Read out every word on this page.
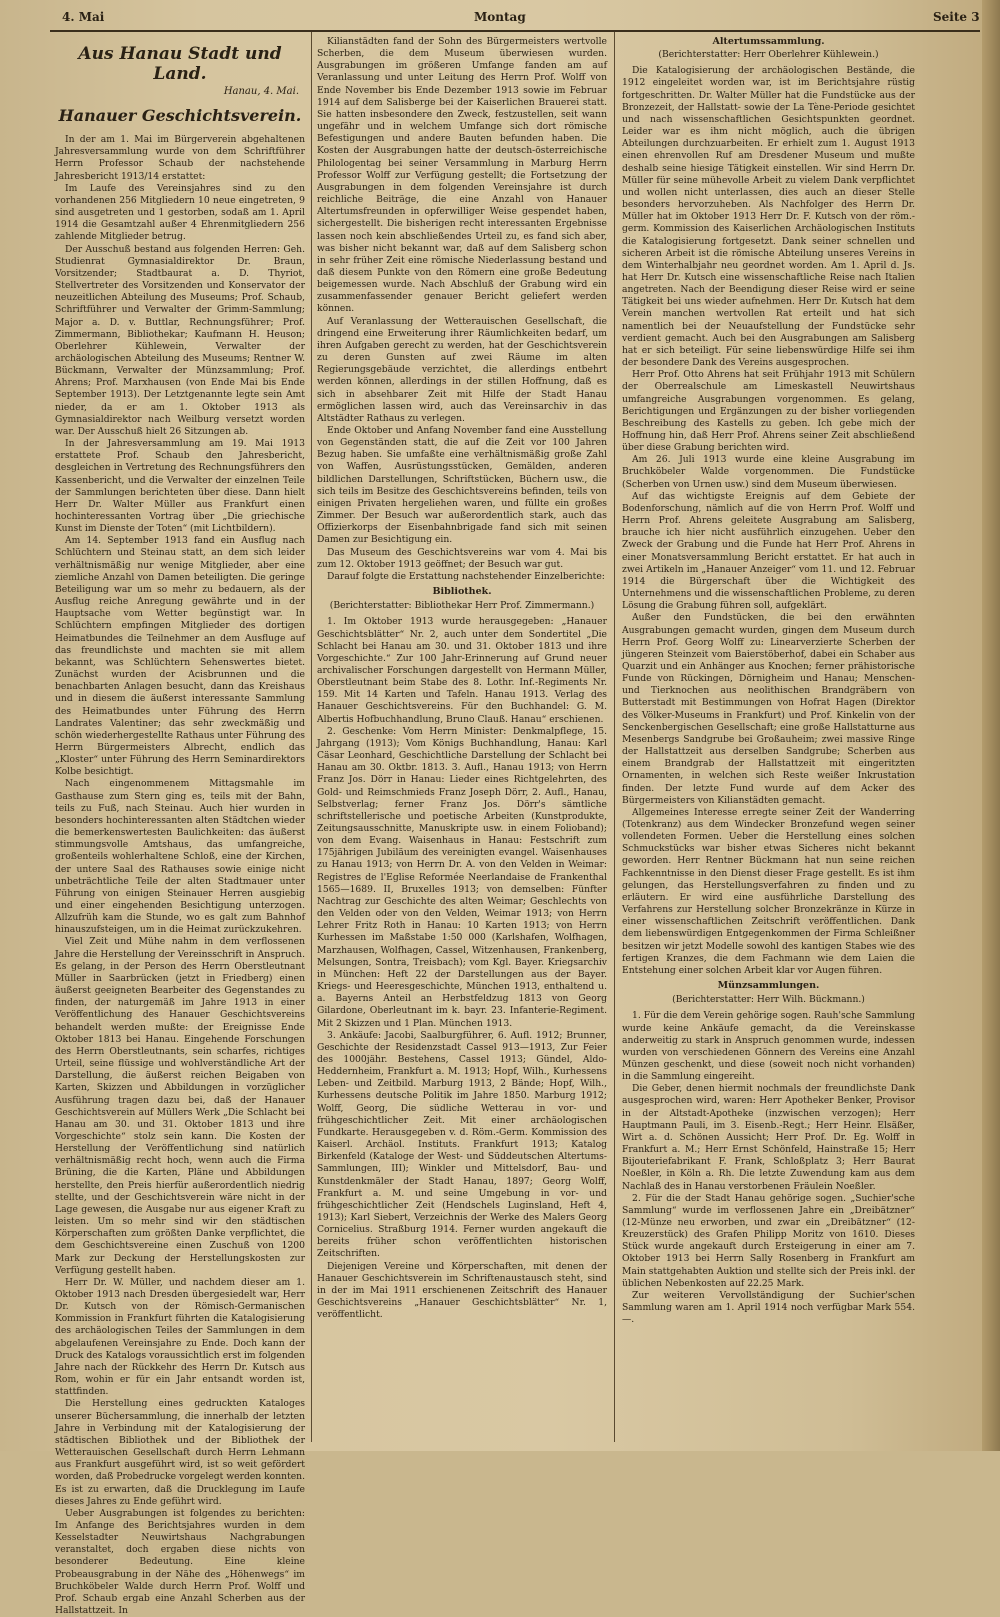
4. Mai	Montag	Seite 3
Aus Hanau Stadt und Land.
Hanau, 4. Mai.
Hanauer Geschichtsverein.

In der am 1. Mai im Bürgerverein abgehaltenen Jahresversammlung wurde von dem Schriftführer Herrn Professor Schaub der nachstehende Jahresbericht 1913/14 erstattet:

Im Laufe des Vereinsjahres sind zu den vorhandenen 256 Mitgliedern 10 neue eingetreten, 9 sind ausgetreten und 1 gestorben, sodaß am 1. April 1914 die Gesamtzahl außer 4 Ehrenmitgliedern 256 zahlende Mitglieder betrug.

Der Ausschuß bestand aus folgenden Herren: Geh. Studienrat Gymnasialdirektor Dr. Braun, Vorsitzender; Stadtbaurat a. D. Thyriot, Stellvertreter des Vorsitzenden und Konservator der neuzeitlichen Abteilung des Museums; Prof. Schaub, Schriftführer und Verwalter der Grimm-Sammlung; Major a. D. v. Buttlar, Rechnungsführer; Prof. Zimmermann, Bibliothekar; Kaufmann H. Heuson; Oberlehrer Kühlewein, Verwalter der archäologischen Abteilung des Museums; Rentner W. Bückmann, Verwalter der Münzsammlung; Prof. Ahrens; Prof. Marxhausen (von Ende Mai bis Ende September 1913). Der Letztgenannte legte sein Amt nieder, da er am 1. Oktober 1913 als Gymnasialdirektor nach Weilburg versetzt worden war. Der Ausschuß hielt 26 Sitzungen ab.

In der Jahresversammlung am 19. Mai 1913 erstattete Prof. Schaub den Jahresbericht, desgleichen in Vertretung des Rechnungsführers den Kassenbericht, und die Verwalter der einzelnen Teile der Sammlungen berichteten über diese. Dann hielt Herr Dr. Walter Müller aus Frankfurt einen hochinteressanten Vortrag über „Die griechische Kunst im Dienste der Toten“ (mit Lichtbildern).

Am 14. September 1913 fand ein Ausflug nach Schlüchtern und Steinau statt, an dem sich leider verhältnismäßig nur wenige Mitglieder, aber eine ziemliche Anzahl von Damen beteiligten. Die geringe Beteiligung war um so mehr zu bedauern, als der Ausflug reiche Anregung gewährte und in der Hauptsache vom Wetter begünstigt war. In Schlüchtern empfingen Mitglieder des dortigen Heimatbundes die Teilnehmer an dem Ausfluge auf das freundlichste und machten sie mit allem bekannt, was Schlüchtern Sehenswertes bietet. Zunächst wurden der Acisbrunnen und die benachbarten Anlagen besucht, dann das Kreishaus und in diesem die äußerst interessante Sammlung des Heimatbundes unter Führung des Herrn Landrates Valentiner; das sehr zweckmäßig und schön wiederhergestellte Rathaus unter Führung des Herrn Bürgermeisters Albrecht, endlich das „Kloster“ unter Führung des Herrn Seminardirektors Kolbe besichtigt.

Nach eingenommenem Mittagsmahle im Gasthause zum Stern ging es, teils mit der Bahn, teils zu Fuß, nach Steinau. Auch hier wurden in besonders hochinteressanten alten Städtchen wieder die bemerkenswertesten Baulichkeiten: das äußerst stimmungsvolle Amtshaus, das umfangreiche, großenteils wohlerhaltene Schloß, eine der Kirchen, der untere Saal des Rathauses sowie einige nicht unbeträchtliche Teile der alten Stadtmauer unter Führung von einigen Steinauer Herren ausgiebig und einer eingehenden Besichtigung unterzogen. Allzufrüh kam die Stunde, wo es galt zum Bahnhof hinauszufsteigen, um in die Heimat zurückzukehren.

Viel Zeit und Mühe nahm in dem verflossenen Jahre die Herstellung der Vereinsschrift in Anspruch. Es gelang, in der Person des Herrn Oberstleutnant Müller in Saarbrücken (jetzt in Friedberg) einen äußerst geeigneten Bearbeiter des Gegenstandes zu finden, der naturgemäß im Jahre 1913 in einer Veröffentlichung des Hanauer Geschichtsvereins behandelt werden mußte: der Ereignisse Ende Oktober 1813 bei Hanau. Eingehende Forschungen des Herrn Oberstleutnants, sein scharfes, richtiges Urteil, seine flüssige und wohlverständliche Art der Darstellung, die äußerst reichen Beigaben von Karten, Skizzen und Abbildungen in vorzüglicher Ausführung tragen dazu bei, daß der Hanauer Geschichtsverein auf Müllers Werk „Die Schlacht bei Hanau am 30. und 31. Oktober 1813 und ihre Vorgeschichte“ stolz sein kann. Die Kosten der Herstellung der Veröffentlichung sind natürlich verhältnismäßig recht hoch, wenn auch die Firma Brüning, die die Karten, Pläne und Abbildungen herstellte, den Preis hierfür außerordentlich niedrig stellte, und der Geschichtsverein wäre nicht in der Lage gewesen, die Ausgabe nur aus eigener Kraft zu leisten. Um so mehr sind wir den städtischen Körperschaften zum größten Danke verpflichtet, die dem Geschichtsvereine einen Zuschuß von 1200 Mark zur Deckung der Herstellungskosten zur Verfügung gestellt haben.

Herr Dr. W. Müller, und nachdem dieser am 1. Oktober 1913 nach Dresden übergesiedelt war, Herr Dr. Kutsch von der Römisch-Germanischen Kommission in Frankfurt führten die Katalogisierung des archäologischen Teiles der Sammlungen in dem abgelaufenen Vereinsjahre zu Ende. Doch kann der Druck des Katalogs voraussichtlich erst im folgenden Jahre nach der Rückkehr des Herrn Dr. Kutsch aus Rom, wohin er für ein Jahr entsandt worden ist, stattfinden.

Die Herstellung eines gedruckten Kataloges unserer Büchersammlung, die innerhalb der letzten Jahre in Verbindung mit der Katalogisierung der städtischen Bibliothek und der Bibliothek der Wetterauischen Gesellschaft durch Herrn Lehmann aus Frankfurt ausgeführt wird, ist so weit gefördert worden, daß Probedrucke vorgelegt werden konnten. Es ist zu erwarten, daß die Drucklegung im Laufe dieses Jahres zu Ende geführt wird.

Ueber Ausgrabungen ist folgendes zu berichten: Im Anfange des Berichtsjahres wurden in dem Kesselstadter Neuwirtshaus Nachgrabungen veranstaltet, doch ergaben diese nichts von besonderer Bedeutung. Eine kleine Probeausgrabung in der Nähe des „Höhenwegs“ im Bruchköbeler Walde durch Herrn Prof. Wolff und Prof. Schaub ergab eine Anzahl Scherben aus der Hallstattzeit. In

Kilianstädten fand der Sohn des Bürgermeisters wertvolle Scherben, die dem Museum überwiesen wurden. Ausgrabungen im größeren Umfange fanden am auf Veranlassung und unter Leitung des Herrn Prof. Wolff von Ende November bis Ende Dezember 1913 sowie im Februar 1914 auf dem Salisberge bei der Kaiserlichen Brauerei statt. Sie hatten insbesondere den Zweck, festzustellen, seit wann ungefähr und in welchem Umfange sich dort römische Befestigungen und andere Bauten befunden haben. Die Kosten der Ausgrabungen hatte der deutsch-österreichische Philologentag bei seiner Versammlung in Marburg Herrn Professor Wolff zur Verfügung gestellt; die Fortsetzung der Ausgrabungen in dem folgenden Vereinsjahre ist durch reichliche Beiträge, die eine Anzahl von Hanauer Altertumsfreunden in opferwilliger Weise gespendet haben, sichergestellt. Die bisherigen recht interessanten Ergebnisse lassen noch kein abschließendes Urteil zu, es fand sich aber, was bisher nicht bekannt war, daß auf dem Salisberg schon in sehr früher Zeit eine römische Niederlassung bestand und daß diesem Punkte von den Römern eine große Bedeutung beigemessen wurde. Nach Abschluß der Grabung wird ein zusammenfassender genauer Bericht geliefert werden können.

Auf Veranlassung der Wetterauischen Gesellschaft, die dringend eine Erweiterung ihrer Räumlichkeiten bedarf, um ihren Aufgaben gerecht zu werden, hat der Geschichtsverein zu deren Gunsten auf zwei Räume im alten Regierungsgebäude verzichtet, die allerdings entbehrt werden können, allerdings in der stillen Hoffnung, daß es sich in absehbarer Zeit mit Hilfe der Stadt Hanau ermöglichen lassen wird, auch das Vereinsarchiv in das Altstädter Rathaus zu verlegen.

Ende Oktober und Anfang November fand eine Ausstellung von Gegenständen statt, die auf die Zeit vor 100 Jahren Bezug haben. Sie umfaßte eine verhältnismäßig große Zahl von Waffen, Ausrüstungsstücken, Gemälden, anderen bildlichen Darstellungen, Schriftstücken, Büchern usw., die sich teils im Besitze des Geschichtsvereins befinden, teils von einigen Privaten hergeliehen waren, und füllte ein großes Zimmer. Der Besuch war außerordentlich stark, auch das Offizierkorps der Eisenbahnbrigade fand sich mit seinen Damen zur Besichtigung ein.

Das Museum des Geschichtsvereins war vom 4. Mai bis zum 12. Oktober 1913 geöffnet; der Besuch war gut.

Darauf folgte die Erstattung nachstehender Einzelberichte:

Bibliothek.
(Berichterstatter: Bibliothekar Herr Prof. Zimmermann.)

1. Im Oktober 1913 wurde herausgegeben: „Hanauer Geschichtsblätter“ Nr. 2, auch unter dem Sondertitel „Die Schlacht bei Hanau am 30. und 31. Oktober 1813 und ihre Vorgeschichte.“ Zur 100 Jahr-Erinnerung auf Grund neuer archivalischer Forschungen dargestellt von Hermann Müller, Oberstleutnant beim Stabe des 8. Lothr. Inf.-Regiments Nr. 159. Mit 14 Karten und Tafeln. Hanau 1913. Verlag des Hanauer Geschichtsvereins. Für den Buchhandel: G. M. Albertis Hofbuchhandlung, Bruno Clauß. Hanau“ erschienen.

2. Geschenke: Vom Herrn Minister: Denkmalpflege, 15. Jahrgang (1913); Vom Königs Buchhandlung, Hanau: Karl Cäsar Leonhard, Geschichtliche Darstellung der Schlacht bei Hanau am 30. Oktbr. 1813. 3. Aufl., Hanau 1913; von Herrn Franz Jos. Dörr in Hanau: Lieder eines Richtgelehrten, des Gold- und Reimschmieds Franz Joseph Dörr, 2. Aufl., Hanau, Selbstverlag; ferner Franz Jos. Dörr's sämtliche schriftstellerische und poetische Arbeiten (Kunstprodukte, Zeitungsausschnitte, Manuskripte usw. in einem Folioband); von dem Evang. Waisenhaus in Hanau: Festschrift zum 175jährigen Jubiläum des vereinigten evangel. Waisenhauses zu Hanau 1913; von Herrn Dr. A. von den Velden in Weimar: Registres de l'Eglise Reformée Neerlandaise de Frankenthal 1565—1689. II, Bruxelles 1913; von demselben: Fünfter Nachtrag zur Geschichte des alten Weimar; Geschlechts von den Velden oder von den Velden, Weimar 1913; von Herrn Lehrer Fritz Roth in Hanau: 10 Karten 1913; von Herrn Kurhessen im Maßstabe 1:50 000 (Karlshafen, Wolfhagen, Marzhausen, Wolfhagen, Cassel, Witzenhausen, Frankenberg, Melsungen, Sontra, Treisbach); vom Kgl. Bayer. Kriegsarchiv in München: Heft 22 der Darstellungen aus der Bayer. Kriegs- und Heeresgeschichte, München 1913, enthaltend u. a. Bayerns Anteil an Herbstfeldzug 1813 von Georg Gilardone, Oberleutnant im k. bayr. 23. Infanterie-Regiment. Mit 2 Skizzen und 1 Plan. München 1913.

3. Ankäufe: Jacobi, Saalburgführer, 6. Aufl. 1912; Brunner, Geschichte der Residenzstadt Cassel 913—1913, Zur Feier des 1000jähr. Bestehens, Cassel 1913; Gündel, Aldo-Heddernheim, Frankfurt a. M. 1913; Hopf, Wilh., Kurhessens Leben- und Zeitbild. Marburg 1913, 2 Bände; Hopf, Wilh., Kurhessens deutsche Politik im Jahre 1850. Marburg 1912; Wolff, Georg, Die südliche Wetterau in vor- und frühgeschichtlicher Zeit. Mit einer archäologischen Fundkarte. Herausgegeben v. d. Röm.-Germ. Kommission des Kaiserl. Archäol. Instituts. Frankfurt 1913; Katalog Birkenfeld (Kataloge der West- und Süddeutschen Altertums-Sammlungen, III); Winkler und Mittelsdorf, Bau- und Kunstdenkmäler der Stadt Hanau, 1897; Georg Wolff, Frankfurt a. M. und seine Umgebung in vor- und frühgeschichtlicher Zeit (Hendschels Luginsland, Heft 4, 1913); Karl Siebert, Verzeichnis der Werke des Malers Georg Cornicelius. Straßburg 1914. Ferner wurden angekauft die bereits früher schon veröffentlichten historischen Zeitschriften.

Diejenigen Vereine und Körperschaften, mit denen der Hanauer Geschichtsverein im Schriftenaustausch steht, sind in der im Mai 1911 erschienenen Zeitschrift des Hanauer Geschichtsvereins „Hanauer Geschichtsblätter“ Nr. 1, veröffentlicht.

Altertumssammlung.
(Berichterstatter: Herr Oberlehrer Kühlewein.)

Die Katalogisierung der archäologischen Bestände, die 1912 eingeleitet worden war, ist im Berichtsjahre rüstig fortgeschritten. Dr. Walter Müller hat die Fundstücke aus der Bronzezeit, der Hallstatt- sowie der La Tène-Periode gesichtet und nach wissenschaftlichen Gesichtspunkten geordnet. Leider war es ihm nicht möglich, auch die übrigen Abteilungen durchzuarbeiten. Er erhielt zum 1. August 1913 einen ehrenvollen Ruf am Dresdener Museum und mußte deshalb seine hiesige Tätigkeit einstellen. Wir sind Herrn Dr. Müller für seine mühevolle Arbeit zu vielem Dank verpflichtet und wollen nicht unterlassen, dies auch an dieser Stelle besonders hervorzuheben. Als Nachfolger des Herrn Dr. Müller hat im Oktober 1913 Herr Dr. F. Kutsch von der röm.-germ. Kommission des Kaiserlichen Archäologischen Instituts die Katalogisierung fortgesetzt. Dank seiner schnellen und sicheren Arbeit ist die römische Abteilung unseres Vereins in dem Winterhalbjahr neu geordnet worden. Am 1. April d. Js. hat Herr Dr. Kutsch eine wissenschaftliche Reise nach Italien angetreten. Nach der Beendigung dieser Reise wird er seine Tätigkeit bei uns wieder aufnehmen. Herr Dr. Kutsch hat dem Verein manchen wertvollen Rat erteilt und hat sich namentlich bei der Neuaufstellung der Fundstücke sehr verdient gemacht. Auch bei den Ausgrabungen am Salisberg hat er sich beteiligt. Für seine liebenswürdige Hilfe sei ihm der besondere Dank des Vereins ausgesprochen.

Herr Prof. Otto Ahrens hat seit Frühjahr 1913 mit Schülern der Oberrealschule am Limeskastell Neuwirtshaus umfangreiche Ausgrabungen vorgenommen. Es gelang, Berichtigungen und Ergänzungen zu der bisher vorliegenden Beschreibung des Kastells zu geben. Ich gebe mich der Hoffnung hin, daß Herr Prof. Ahrens seiner Zeit abschließend über diese Grabung berichten wird.

Am 26. Juli 1913 wurde eine kleine Ausgrabung im Bruchköbeler Walde vorgenommen. Die Fundstücke (Scherben von Urnen usw.) sind dem Museum überwiesen.

Auf das wichtigste Ereignis auf dem Gebiete der Bodenforschung, nämlich auf die von Herrn Prof. Wolff und Herrn Prof. Ahrens geleitete Ausgrabung am Salisberg, brauche ich hier nicht ausführlich einzugehen. Ueber den Zweck der Grabung und die Funde hat Herr Prof. Ahrens in einer Monatsversammlung Bericht erstattet. Er hat auch in zwei Artikeln im „Hanauer Anzeiger“ vom 11. und 12. Februar 1914 die Bürgerschaft über die Wichtigkeit des Unternehmens und die wissenschaftlichen Probleme, zu deren Lösung die Grabung führen soll, aufgeklärt.

Außer den Fundstücken, die bei den erwähnten Ausgrabungen gemacht wurden, gingen dem Museum durch Herrn Prof. Georg Wolff zu: Linearverzierte Scherben der jüngeren Steinzeit vom Baierstöberhof, dabei ein Schaber aus Quarzit und ein Anhänger aus Knochen; ferner prähistorische Funde von Rückingen, Dörnigheim und Hanau; Menschen- und Tierknochen aus neolithischen Brandgräbern von Butterstadt mit Bestimmungen von Hofrat Hagen (Direktor des Völker-Museums in Frankfurt) und Prof. Kinkelin von der Senckenbergischen Gesellschaft; eine große Hallstatturne aus Mesenbergs Sandgrube bei Großauheim; zwei massive Ringe der Hallstattzeit aus derselben Sandgrube; Scherben aus einem Brandgrab der Hallstattzeit mit eingeritzten Ornamenten, in welchen sich Reste weißer Inkrustation finden. Der letzte Fund wurde auf dem Acker des Bürgermeisters von Kilianstädten gemacht.

Allgemeines Interesse erregte seiner Zeit der Wanderring (Totenkranz) aus dem Windecker Bronzefund wegen seiner vollendeten Formen. Ueber die Herstellung eines solchen Schmuckstücks war bisher etwas Sicheres nicht bekannt geworden. Herr Rentner Bückmann hat nun seine reichen Fachkenntnisse in den Dienst dieser Frage gestellt. Es ist ihm gelungen, das Herstellungsverfahren zu finden und zu erläutern. Er wird eine ausführliche Darstellung des Verfahrens zur Herstellung solcher Bronzekränze in Kürze in einer wissenschaftlichen Zeitschrift veröffentlichen. Dank dem liebenswürdigen Entgegenkommen der Firma Schleißner besitzen wir jetzt Modelle sowohl des kantigen Stabes wie des fertigen Kranzes, die dem Fachmann wie dem Laien die Entstehung einer solchen Arbeit klar vor Augen führen.

Münzsammlungen.
(Berichterstatter: Herr Wilh. Bückmann.)

1. Für die dem Verein gehörige sogen. Rauh'sche Sammlung wurde keine Ankäufe gemacht, da die Vereinskasse anderweitig zu stark in Anspruch genommen wurde, indessen wurden von verschiedenen Gönnern des Vereins eine Anzahl Münzen geschenkt, und diese (soweit noch nicht vorhanden) in die Sammlung eingereiht.

Die Geber, denen hiermit nochmals der freundlichste Dank ausgesprochen wird, waren: Herr Apotheker Benker, Provisor in der Altstadt-Apotheke (inzwischen verzogen); Herr Hauptmann Pauli, im 3. Eisenb.-Regt.; Herr Heinr. Elsäßer, Wirt a. d. Schönen Aussicht; Herr Prof. Dr. Eg. Wolff in Frankfurt a. M.; Herr Ernst Schönfeld, Hainstraße 15; Herr Bijouteriefabrikant F. Frank, Schloßplatz 3; Herr Baurat Noeßler, in Köln a. Rh. Die letzte Zuwendung kam aus dem Nachlaß des in Hanau verstorbenen Fräulein Noeßler.

2. Für die der Stadt Hanau gehörige sogen. „Suchier'sche Sammlung“ wurde im verflossenen Jahre ein „Dreibätzner“ (12-Münze neu erworben, und zwar ein „Dreibätzner“ (12-Kreuzerstück) des Grafen Philipp Moritz von 1610. Dieses Stück wurde angekauft durch Ersteigerung in einer am 7. Oktober 1913 bei Herrn Sally Rosenberg in Frankfurt am Main stattgehabten Auktion und stellte sich der Preis inkl. der üblichen Nebenkosten auf 22.25 Mark.

Zur weiteren Vervollständigung der Suchier'schen Sammlung waren am 1. April 1914 noch verfügbar Mark 554.—.
